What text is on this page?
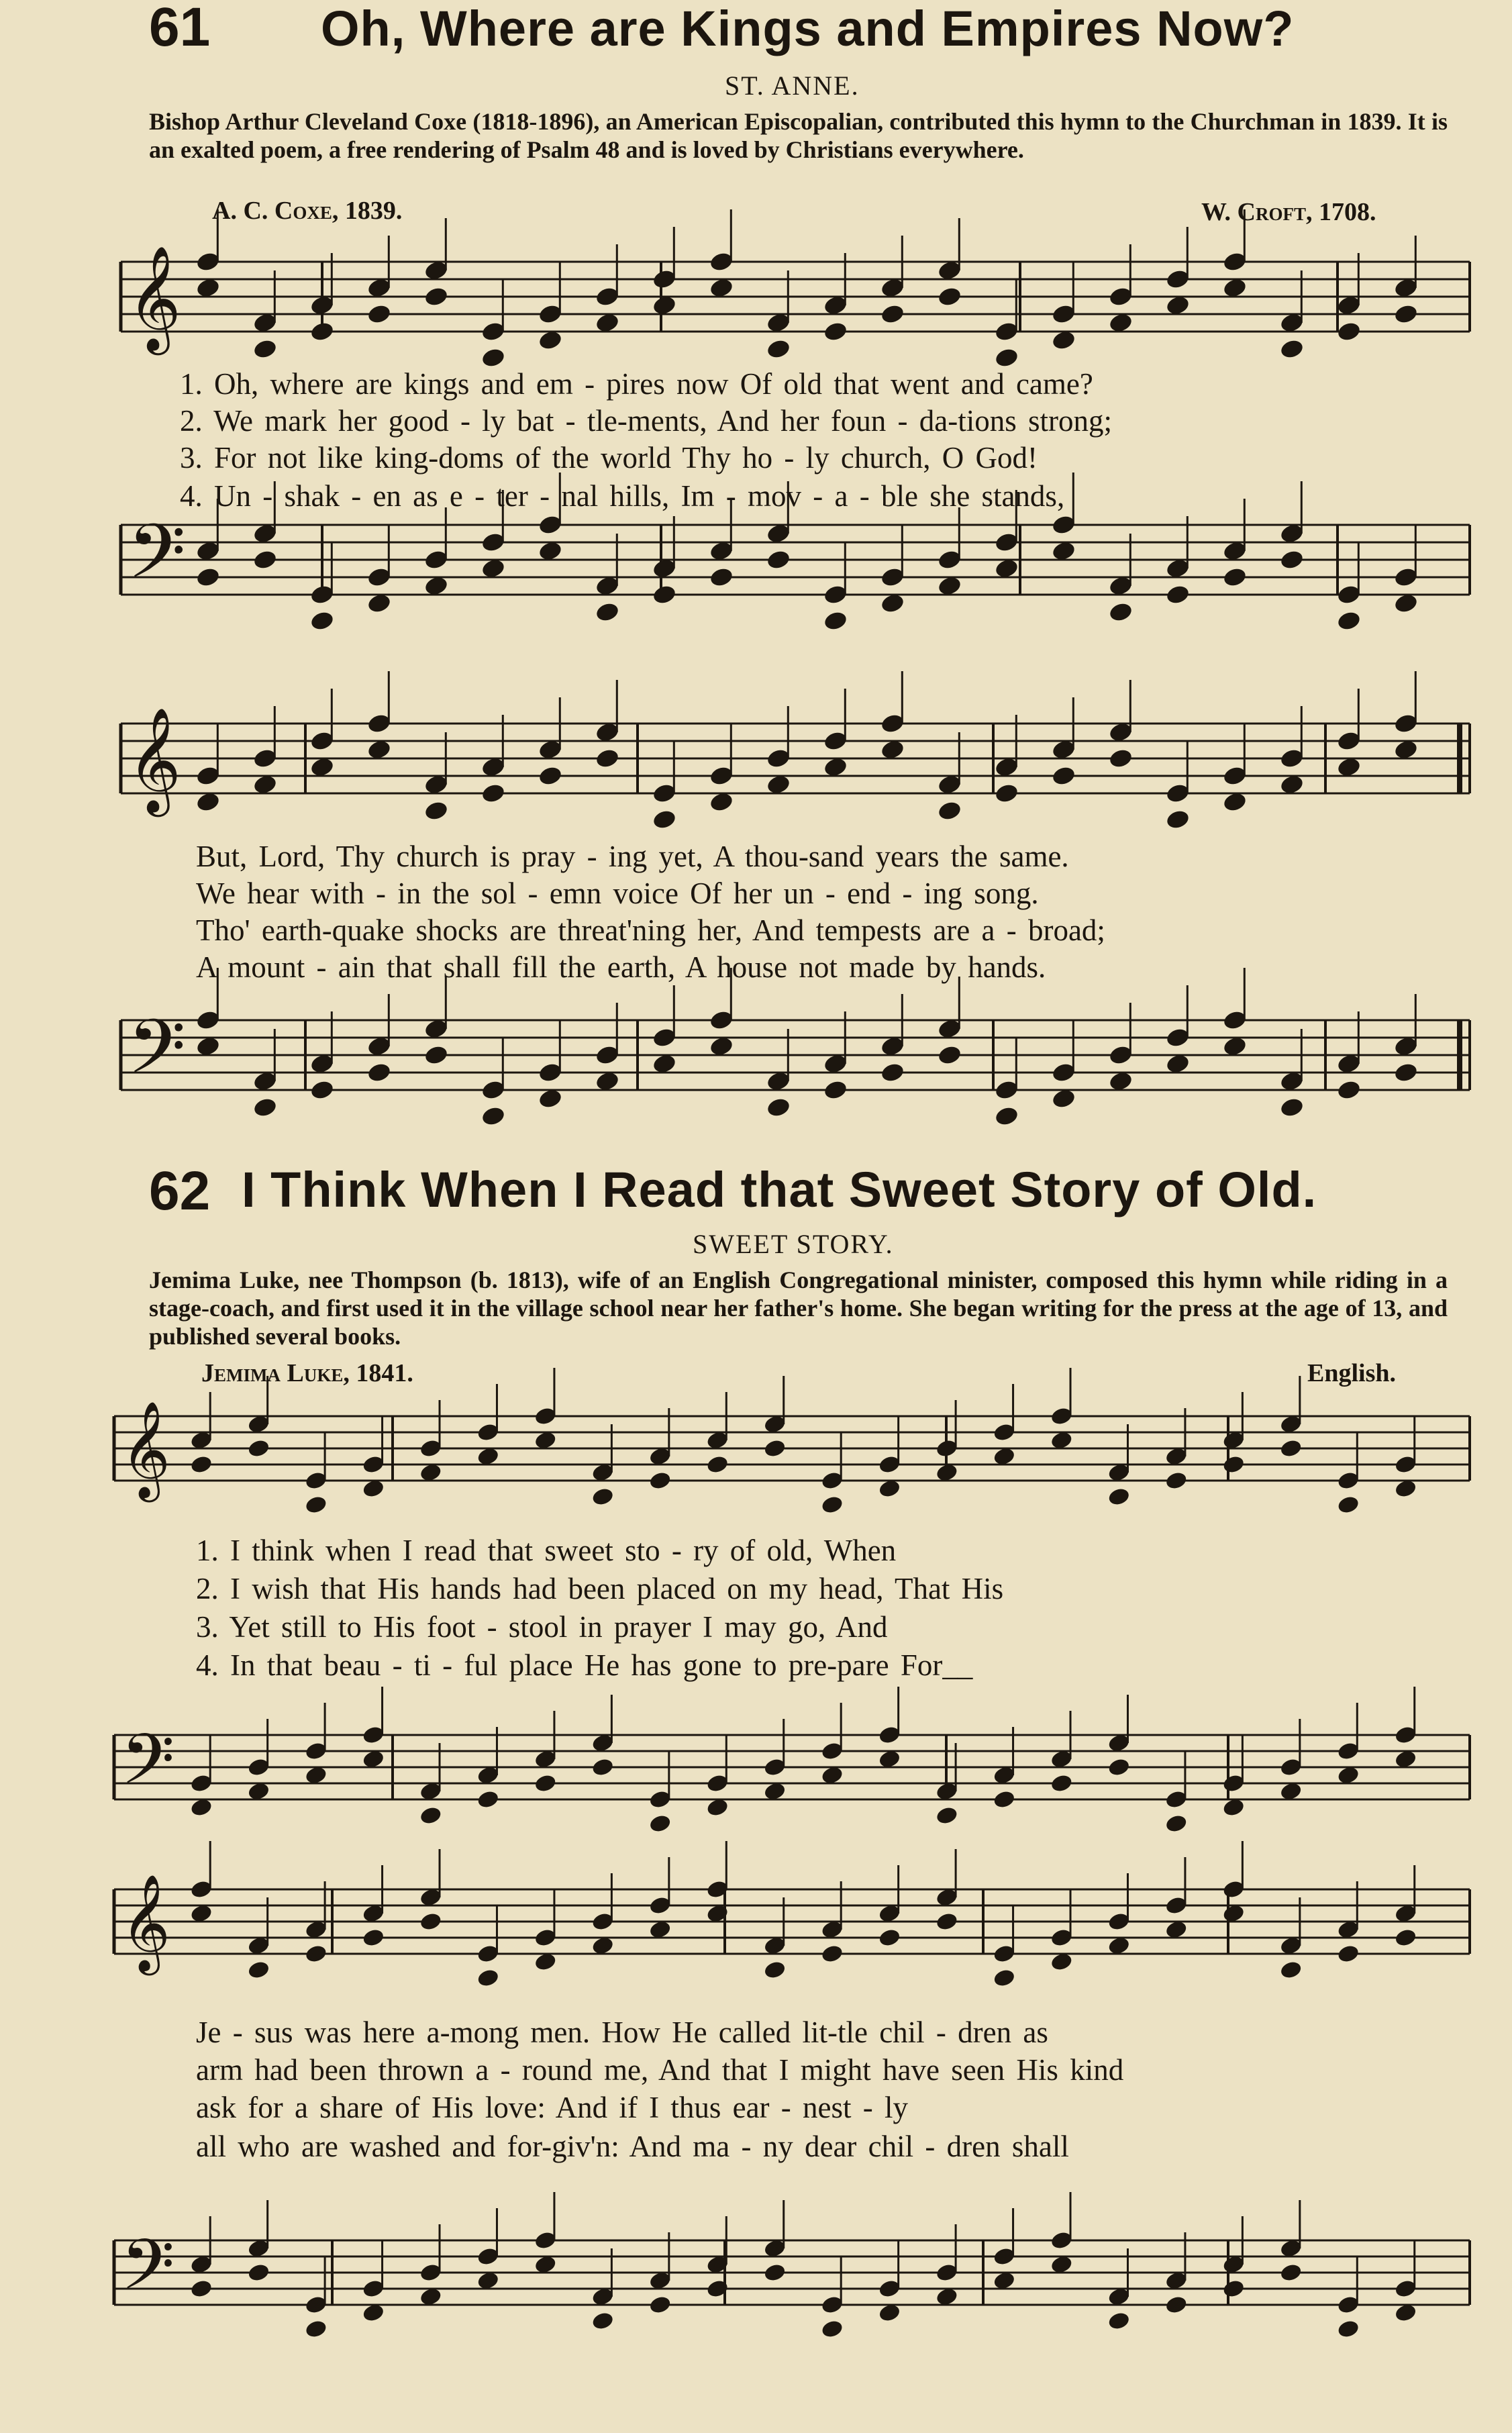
𝄞
𝄢
𝄞
𝄢
𝄞
𝄢
𝄞
𝄢
61 Oh, Where are Kings and Empires Now?
ST. ANNE.
Bishop Arthur Cleveland Coxe (1818-1896), an American Episcopalian, contributed this hymn to the Churchman in 1839. It is an exalted poem, a free rendering of Psalm 48 and is loved by Christians everywhere.
A. C. Coxe, 1839.	W. Croft, 1708.
1. Oh, where are kings and em - pires now Of old that went and came?
2. We mark her good - ly bat - tle-ments, And her foun - da-tions strong;
3. For not like king-doms of the world Thy ho - ly church, O God!
4. Un - shak - en as e - ter - nal hills, Im - mov - a - ble she stands,
But, Lord, Thy church is pray - ing yet, A thou-sand years the same.
We hear with - in the sol - emn voice Of her un - end - ing song.
Tho' earth-quake shocks are threat'ning her, And tempests are a - broad;
A mount - ain that shall fill the earth, A house not made by hands.
62 I Think When I Read that Sweet Story of Old.
SWEET STORY.
Jemima Luke, nee Thompson (b. 1813), wife of an English Congregational minister, composed this hymn while riding in a stage-coach, and first used it in the village school near her father's home. She began writing for the press at the age of 13, and published several books.
Jemima Luke, 1841.	English.
1. I think when I read that sweet sto - ry of old, When
2. I wish that His hands had been placed on my head, That His
3. Yet still to His foot - stool in prayer I may go, And
4. In that beau - ti - ful place He has gone to pre-pare For__
Je - sus was here a-mong men. How He called lit-tle chil - dren as
arm had been thrown a - round me, And that I might have seen His kind
ask for a share of His love: And if I thus ear - nest - ly
all who are washed and for-giv'n: And ma - ny dear chil - dren shall
